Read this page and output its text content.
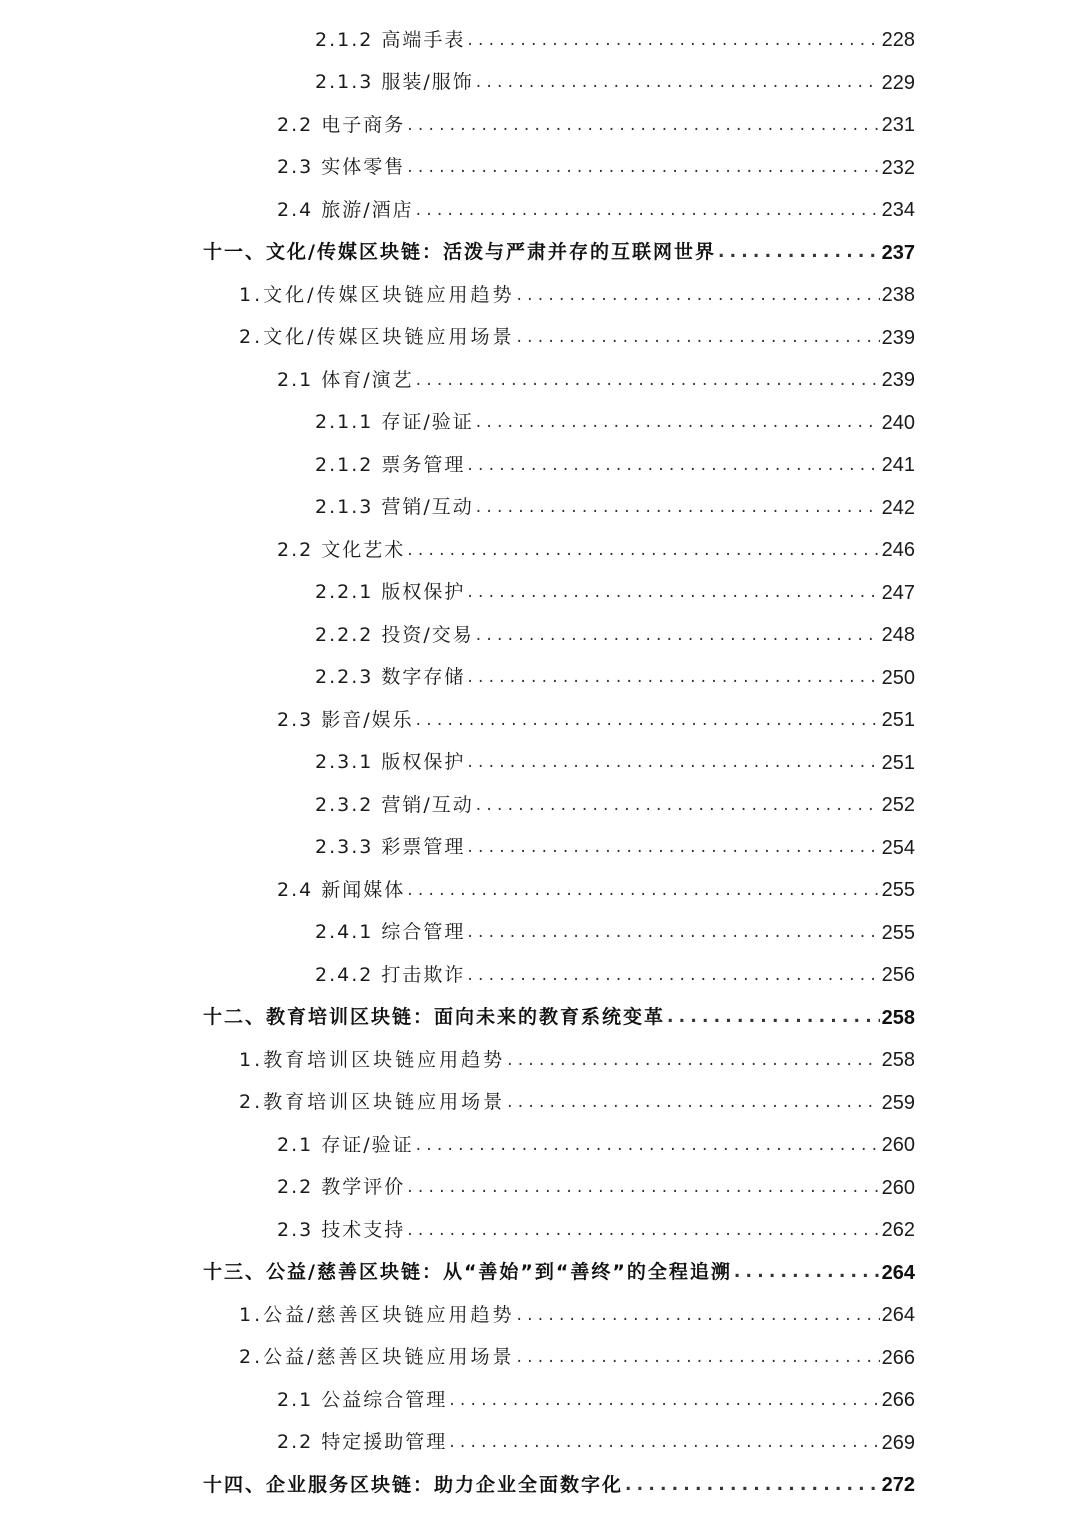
2.1.2 高端手表 .....	228
2.1.3 服装/服饰 .....	229
2.2 电子商务 .....	231
2.3 实体零售 .....	232
2.4 旅游/酒店 .....	234
十一、文化/传媒区块链：活泼与严肃并存的互联网世界 .....	237
1.文化/传媒区块链应用趋势 .....	238
2.文化/传媒区块链应用场景 .....	239
2.1 体育/演艺 .....	239
2.1.1 存证/验证 .....	240
2.1.2 票务管理 .....	241
2.1.3 营销/互动 .....	242
2.2 文化艺术 .....	246
2.2.1 版权保护 .....	247
2.2.2 投资/交易 .....	248
2.2.3 数字存储 .....	250
2.3 影音/娱乐 .....	251
2.3.1 版权保护 .....	251
2.3.2 营销/互动 .....	252
2.3.3 彩票管理 .....	254
2.4 新闻媒体 .....	255
2.4.1 综合管理 .....	255
2.4.2 打击欺诈 .....	256
十二、教育培训区块链：面向未来的教育系统变革 .....	258
1.教育培训区块链应用趋势 .....	258
2.教育培训区块链应用场景 .....	259
2.1 存证/验证 .....	260
2.2 教学评价 .....	260
2.3 技术支持 .....	262
十三、公益/慈善区块链：从“善始”到“善终”的全程追溯 .....	264
1.公益/慈善区块链应用趋势 .....	264
2.公益/慈善区块链应用场景 .....	266
2.1 公益综合管理 .....	266
2.2 特定援助管理 .....	269
十四、企业服务区块链：助力企业全面数字化 .....	272
